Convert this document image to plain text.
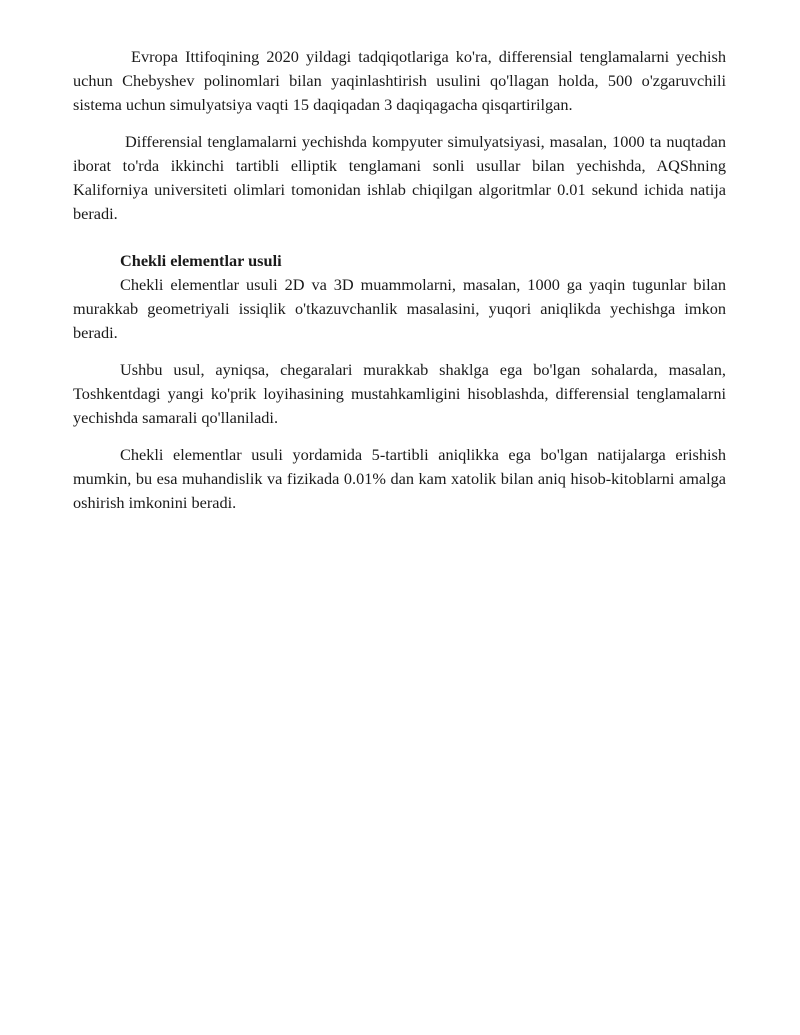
Evropa Ittifoqining 2020 yildagi tadqiqotlariga ko'ra, differensial tenglamalarni yechish uchun Chebyshev polinomlari bilan yaqinlashtirish usulini qo'llagan holda, 500 o'zgaruvchili sistema uchun simulyatsiya vaqti 15 daqiqadan 3 daqiqagacha qisqartirilgan.

Differensial tenglamalarni yechishda kompyuter simulyatsiyasi, masalan, 1000 ta nuqtadan iborat to'rda ikkinchi tartibli elliptik tenglamani sonli usullar bilan yechishda, AQShning Kaliforniya universiteti olimlari tomonidan ishlab chiqilgan algoritmlar 0.01 sekund ichida natija beradi.

Chekli elementlar usuli

Chekli elementlar usuli 2D va 3D muammolarni, masalan, 1000 ga yaqin tugunlar bilan murakkab geometriyali issiqlik o'tkazuvchanlik masalasini, yuqori aniqlikda yechishga imkon beradi.

Ushbu usul, ayniqsa, chegaralari murakkab shaklga ega bo'lgan sohalarda, masalan, Toshkentdagi yangi ko'prik loyihasining mustahkamligini hisoblashda, differensial tenglamalarni yechishda samarali qo'llaniladi.

Chekli elementlar usuli yordamida 5-tartibli aniqlikka ega bo'lgan natijalarga erishish mumkin, bu esa muhandislik va fizikada 0.01% dan kam xatolik bilan aniq hisob-kitoblarni amalga oshirish imkonini beradi.
